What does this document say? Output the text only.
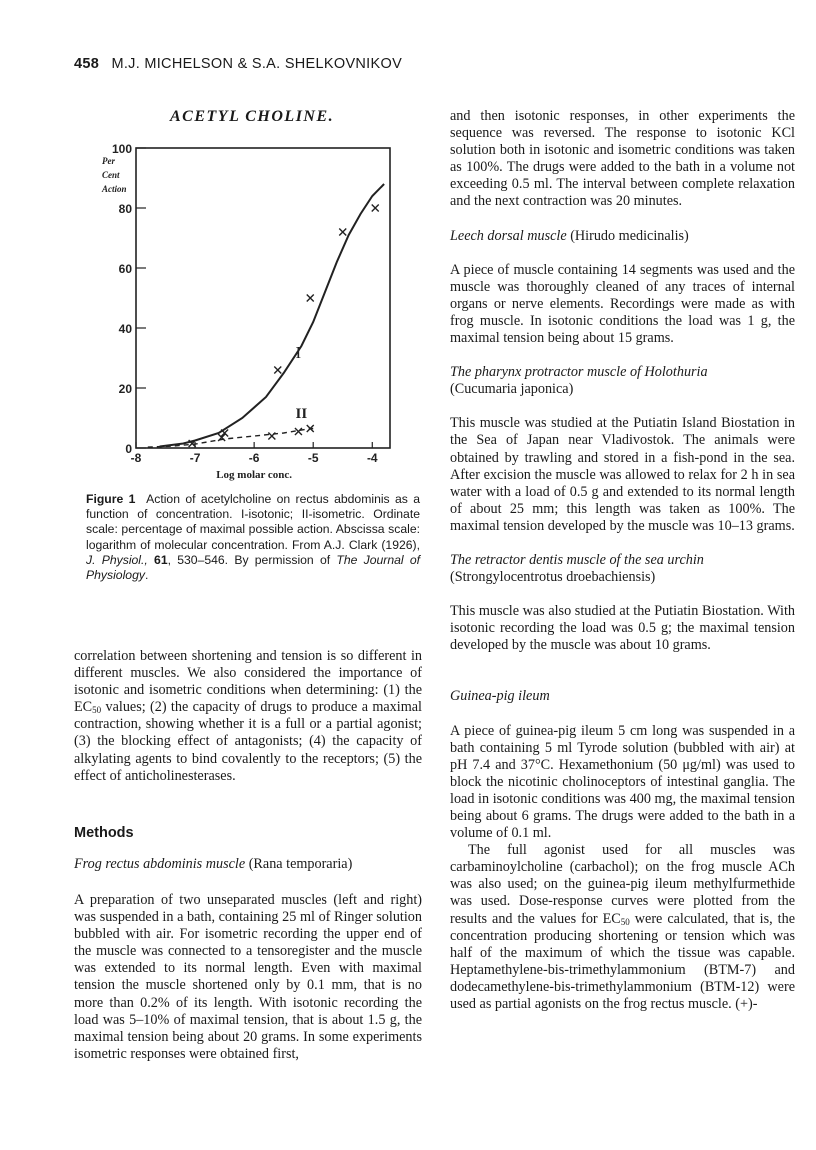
458 M.J. MICHELSON & S.A. SHELKOVNIKOV
ACETYL CHOLINE.
100
80
60
40
20
0
-8	-7	-6	-5	-4
Log molar conc.
Per
Cent
Action
I
II
Figure 1 Action of acetylcholine on rectus abdominis as a function of concentration. I-isotonic; II-isometric. Ordinate scale: percentage of maximal possible action. Abscissa scale: logarithm of molecular concentration. From A.J. Clark (1926), J. Physiol., 61, 530–546. By permission of The Journal of Physiology.

correlation between shortening and tension is so different in different muscles. We also considered the importance of isotonic and isometric conditions when determining: (1) the $EC_{50}$ values; (2) the capacity of drugs to produce a maximal contraction, showing whether it is a full or a partial agonist; (3) the blocking effect of antagonists; (4) the capacity of alkylating agents to bind covalently to the receptors; (5) the effect of anticholinesterases.

Methods

Frog rectus abdominis muscle (Rana temporaria)

A preparation of two unseparated muscles (left and right) was suspended in a bath, containing 25 ml of Ringer solution bubbled with air. For isometric recording the upper end of the muscle was connected to a tensoregister and the muscle was extended to its normal length. Even with maximal tension the muscle shortened only by 0.1 mm, that is no more than 0.2% of its length. With isotonic recording the load was 5–10% of maximal tension, that is about 1.5 g, the maximal tension being about 20 grams. In some experiments isometric responses were obtained first,

and then isotonic responses, in other experiments the sequence was reversed. The response to isotonic KCl solution both in isotonic and isometric conditions was taken as 100%. The drugs were added to the bath in a volume not exceeding 0.5 ml. The interval between complete relaxation and the next contraction was 20 minutes.

Leech dorsal muscle (Hirudo medicinalis)

A piece of muscle containing 14 segments was used and the muscle was thoroughly cleaned of any traces of internal organs or nerve elements. Recordings were made as with frog muscle. In isotonic conditions the load was 1 g, the maximal tension being about 15 grams.

The pharynx protractor muscle of Holothuria
(Cucumaria japonica)

This muscle was studied at the Putiatin Island Biostation in the Sea of Japan near Vladivostok. The animals were obtained by trawling and stored in a fish-pond in the sea. After excision the muscle was allowed to relax for 2 h in sea water with a load of 0.5 g and extended to its normal length of about 25 mm; this length was taken as 100%. The maximal tension developed by the muscle was 10–13 grams.

The retractor dentis muscle of the sea urchin
(Strongylocentrotus droebachiensis)

This muscle was also studied at the Putiatin Biostation. With isotonic recording the load was 0.5 g; the maximal tension developed by the muscle was about 10 grams.

Guinea-pig ileum

A piece of guinea-pig ileum 5 cm long was suspended in a bath containing 5 ml Tyrode solution (bubbled with air) at pH 7.4 and 37°C. Hexamethonium (50 μg/ml) was used to block the nicotinic cholinoceptors of intestinal ganglia. The load in isotonic conditions was 400 mg, the maximal tension being about 6 grams. The drugs were added to the bath in a volume of 0.1 ml.

The full agonist used for all muscles was carbaminoylcholine (carbachol); on the frog muscle ACh was also used; on the guinea-pig ileum methylfurmethide was used. Dose-response curves were plotted from the results and the values for $EC_{50}$ were calculated, that is, the concentration producing shortening or tension which was half of the maximum of which the tissue was capable. Heptamethylene-bis-trimethylammonium (BTM-7) and dodecamethylene-bis-trimethylammonium (BTM-12) were used as partial agonists on the frog rectus muscle. (+)-
